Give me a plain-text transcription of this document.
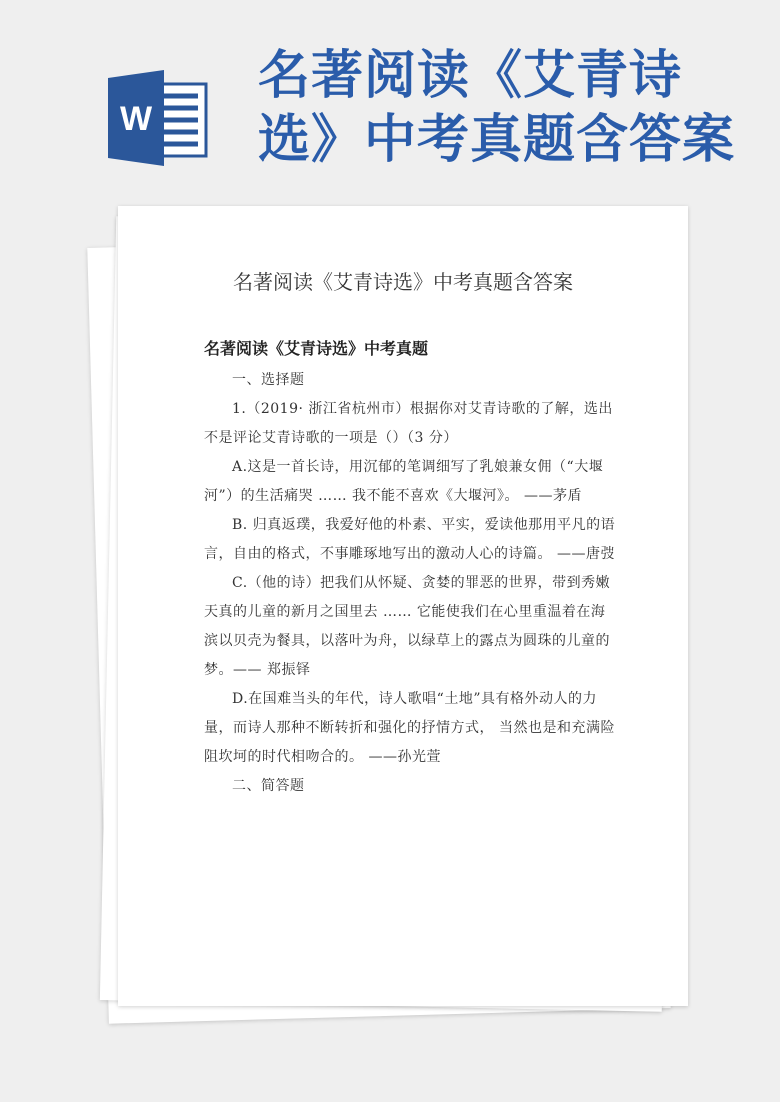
W
名著阅读《艾青诗
选》中考真题含答案
名著阅读《艾青诗选》中考真题含答案
名著阅读《艾青诗选》中考真题

一、选择题

1.（2019· 浙江省杭州市）根据你对艾青诗歌的了解，选出不是评论艾青诗歌的一项是（）（3 分）

A.这是一首长诗，用沉郁的笔调细写了乳娘兼女佣（“大堰河”）的生活痛哭 …… 我不能不喜欢《大堰河》。 ——茅盾

B. 归真返璞，我爱好他的朴素、平实，爱读他那用平凡的语言，自由的格式，不事雕琢地写出的激动人心的诗篇。 ——唐弢

C.（他的诗）把我们从怀疑、贪婪的罪恶的世界，带到秀嫩天真的儿童的新月之国里去 …… 它能使我们在心里重温着在海滨以贝壳为餐具，以落叶为舟，以绿草上的露点为圆珠的儿童的梦。—— 郑振铎

D.在国难当头的年代，诗人歌唱“土地”具有格外动人的力量，而诗人那种不断转折和强化的抒情方式， 当然也是和充满险阻坎坷的时代相吻合的。 ——孙光萱

二、简答题
